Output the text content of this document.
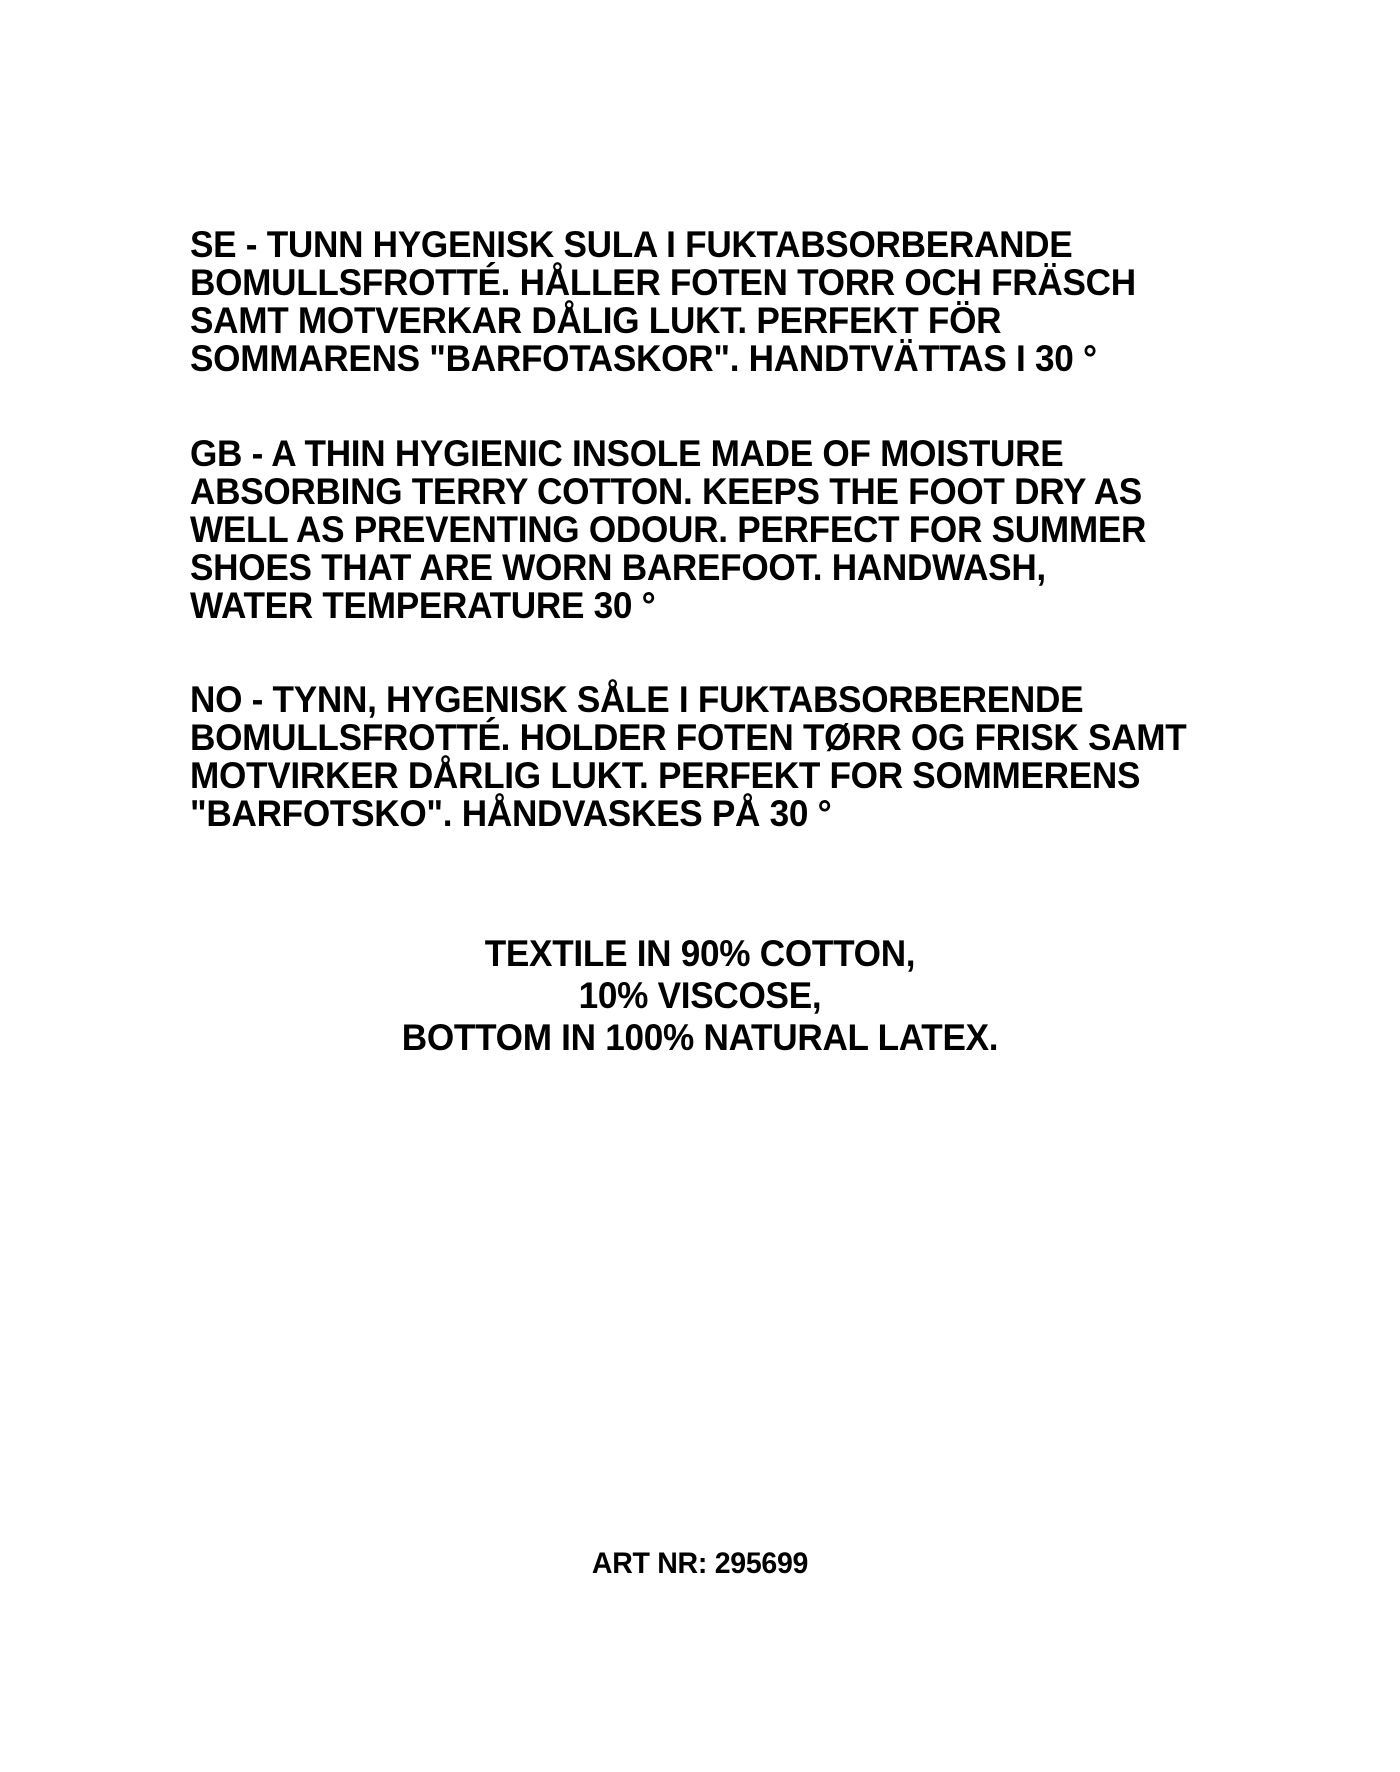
SE - TUNN HYGENISK SULA I FUKTABSORBERANDE
BOMULLSFROTTÉ. HÅLLER FOTEN TORR OCH FRÄSCH
SAMT MOTVERKAR DÅLIG LUKT. PERFEKT FÖR
SOMMARENS "BARFOTASKOR". HANDTVÄTTAS I 30 °
GB - A THIN HYGIENIC INSOLE MADE OF MOISTURE
ABSORBING TERRY COTTON. KEEPS THE FOOT DRY AS
WELL AS PREVENTING ODOUR. PERFECT FOR SUMMER
SHOES THAT ARE WORN BAREFOOT. HANDWASH,
WATER TEMPERATURE 30 °
NO - TYNN, HYGENISK SÅLE I FUKTABSORBERENDE
BOMULLSFROTTÉ. HOLDER FOTEN TØRR OG FRISK SAMT
MOTVIRKER DÅRLIG LUKT. PERFEKT FOR SOMMERENS
"BARFOTSKO". HÅNDVASKES PÅ 30 °
TEXTILE IN 90% COTTON,
10% VISCOSE,
BOTTOM IN 100% NATURAL LATEX.
ART NR: 295699
